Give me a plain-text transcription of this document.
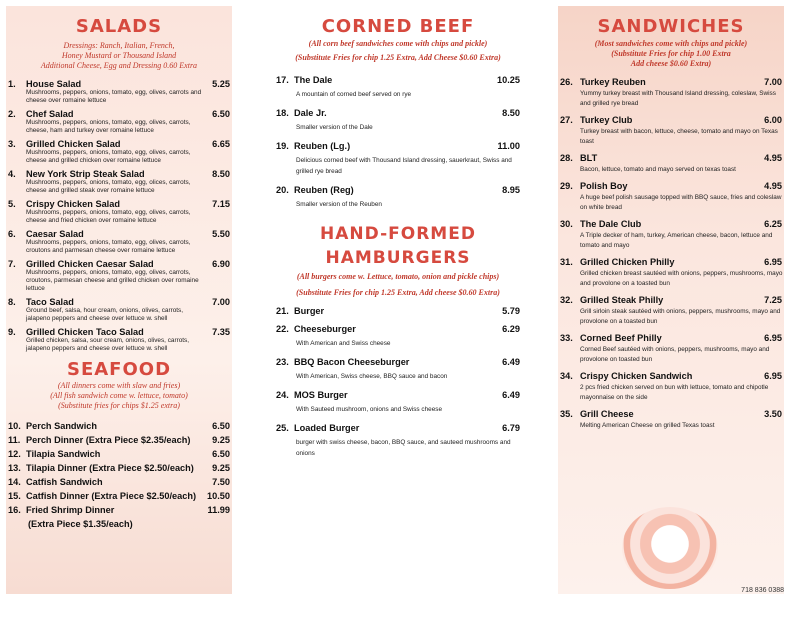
SALADS
Dressings: Ranch, Italian, French,
Honey Mustard or Thousand Island
Additional Cheese, Egg and Dressing 0.60 Extra
1. House Salad	5.25
Mushrooms, peppers, onions, tomato, egg, olives, carrots and cheese over romaine lettuce
2. Chef Salad	6.50
Mushrooms, peppers, onions, tomato, egg, olives, carrots, cheese, ham and turkey over romaine lettuce
3. Grilled Chicken Salad	6.65
Mushrooms, peppers, onions, tomato, egg, olives, carrots, cheese and grilled chicken over romaine lettuce
4. New York Strip Steak Salad	8.50
Mushrooms, peppers, onions, tomato, egg, olices, carrots, cheese and grilled steak over romaine lettuce
5. Crispy Chicken Salad	7.15
Mushrooms, peppers, onions, tomato, egg, olives, carrots, cheese and fried chicken over romaine lettuce
6. Caesar Salad	5.50
Mushrooms, peppers, onions, tomato, egg, olives, carrots, croutons and parmesan cheese over romaine lettuce
7. Grilled Chicken Caesar Salad	6.90
Mushrooms, peppers, onions, tomato, egg, olives, carrots, croutons, parmesan cheese and grilled chicken over romaine lettuce
8. Taco Salad	7.00
Ground beef, salsa, hour cream, onions, olives, carrots, jalapeno peppers and cheese over lettuce w. shell
9. Grilled Chicken Taco Salad	7.35
Grilled chicken, salsa, sour cream, onions, olives, carrots, jalapeno peppers and cheese over lettuce w. shell
SEAFOOD
(All dinners come with slaw and fries)
(All fish sandwich come w. lettuce, tomato)
(Substitute fries for chips $1.25 extra)
10. Perch Sandwich	6.50
11. Perch Dinner (Extra Piece $2.35/each) 9.25
12. Tilapia Sandwich	6.50
13. Tilapia Dinner (Extra Piece $2.50/each) 9.25
14. Catfish Sandwich	7.50
15. Catfish Dinner (Extra Piece $2.50/each) 10.50
16. Fried Shrimp Dinner	11.99
(Extra Piece $1.35/each)
CORNED BEEF
(All corn beef sandwiches come with chips and pickle)
(Substitute Fries for chip 1.25 Extra, Add Cheese $0.60 Extra)
17. The Dale	10.25
A mountain of corned beef served on rye
18. Dale Jr.	8.50
Smaller version of the Dale
19. Reuben (Lg.)	11.00
Delicious corned beef with Thousand Island dressing, sauerkraut, Swiss and grilled rye bread
20. Reuben (Reg)	8.95
Smaller version of the Reuben
HAND-FORMED
HAMBURGERS
(All burgers come w. Lettuce, tomato, onion and pickle chips)
(Substitute Fries for chip 1.25 Extra, Add cheese $0.60 Extra)
21. Burger	5.79
22. Cheeseburger	6.29
With American and Swiss cheese
23. BBQ Bacon Cheeseburger	6.49
With American, Swiss cheese, BBQ sauce and bacon
24. MOS Burger	6.49
With Sauteed mushroom, onions and Swiss cheese
25. Loaded Burger	6.79
burger with swiss cheese, bacon, BBQ sauce, and sauteed mushrooms and onions
SANDWICHES
(Most sandwiches come with chips and pickle)
(Substitute Fries for chip 1.00 Extra
Add cheese $0.60 Extra)
26. Turkey Reuben	7.00
Yummy turkey breast with Thousand Island dressing, coleslaw, Swiss and grilled rye bread
27. Turkey Club	6.00
Turkey breast with bacon, lettuce, cheese, tomato and mayo on Texas toast
28. BLT	4.95
Bacon, lettuce, tomato and mayo served on texas toast
29. Polish Boy	4.95
A huge beef polish sausage topped with BBQ sauce, fries and coleslaw on white bread
30. The Dale Club	6.25
A Triple decker of ham, turkey, American cheese, bacon, lettuce and tomato and mayo
31. Grilled Chicken Philly	6.95
Grilled chicken breast sautéed with onions, peppers, mushrooms, mayo and provolone on a toasted bun
32. Grilled Steak Philly	7.25
Grill sirloin steak sautéed with onions, peppers, mushrooms, mayo and provolone on a toasted bun
33. Corned Beef Philly	6.95
Corned Beef sautéed with onions, peppers, mushrooms, mayo and provolone on toasted bun
34. Crispy Chicken Sandwich	6.95
2 pcs fried chicken served on bun with lettuce, tomato and chipotle mayonnaise on the side
35. Grill Cheese	3.50
Melting American Cheese on grilled Texas toast
718 836 0388
